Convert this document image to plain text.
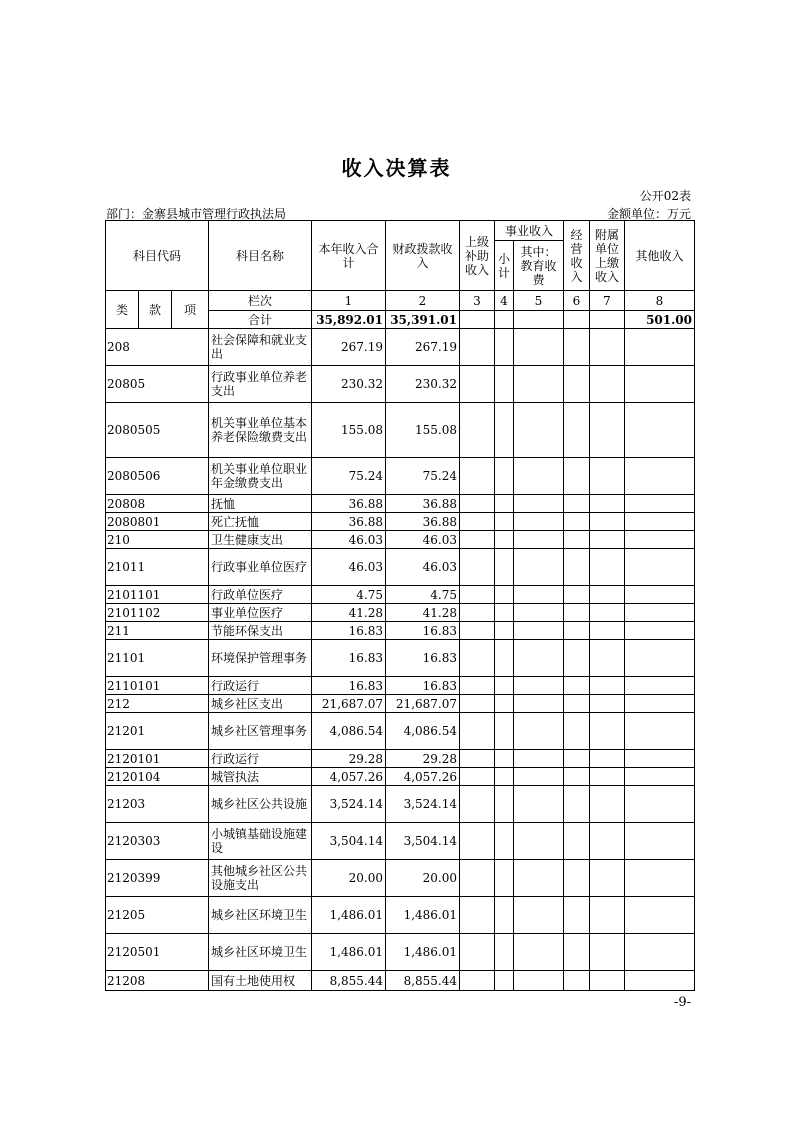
收入决算表
公开02表
部门：金寨县城市管理行政执法局	金额单位：万元
科目代码			科目名称	本年收入合计	财政拨款收入	上级补助收入	事业收入		经营收入	附属单位上缴收入	其他收入
							小计	其中：教育收费			

类	款	项	栏次	1	2	3	4	5	6	7	8
			合计	35,892.01	35,391.01						501.00
208			社会保障和就业支出	267.19	267.19						
20805			行政事业单位养老支出	230.32	230.32						
2080505			机关事业单位基本养老保险缴费支出	155.08	155.08						
2080506			机关事业单位职业年金缴费支出	75.24	75.24						
20808			抚恤	36.88	36.88						
2080801			死亡抚恤	36.88	36.88						
210			卫生健康支出	46.03	46.03						
21011			行政事业单位医疗	46.03	46.03						
2101101			行政单位医疗	4.75	4.75						
2101102			事业单位医疗	41.28	41.28						
211			节能环保支出	16.83	16.83						
21101			环境保护管理事务	16.83	16.83						
2110101			行政运行	16.83	16.83						
212			城乡社区支出	21,687.07	21,687.07						
21201			城乡社区管理事务	4,086.54	4,086.54						
2120101			行政运行	29.28	29.28						
2120104			城管执法	4,057.26	4,057.26						
21203			城乡社区公共设施	3,524.14	3,524.14						
2120303			小城镇基础设施建设	3,504.14	3,504.14						
2120399			其他城乡社区公共设施支出	20.00	20.00						
21205			城乡社区环境卫生	1,486.01	1,486.01						
2120501			城乡社区环境卫生	1,486.01	1,486.01						
21208			国有土地使用权	8,855.44	8,855.44						
-9-
